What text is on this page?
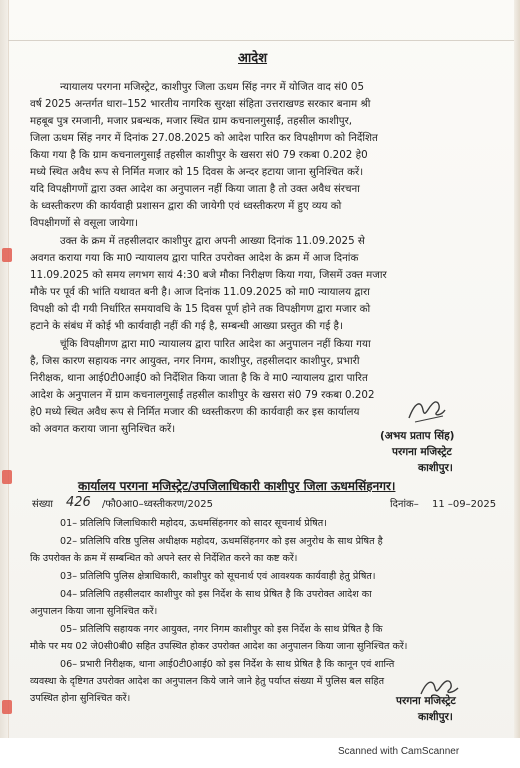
आदेश
न्यायालय परगना मजिस्ट्रेट, काशीपुर जिला ऊधम सिंह नगर में योजित वाद सं0 05
वर्ष 2025 अन्तर्गत धारा–152 भारतीय नागरिक सुरक्षा संहिता उत्तराखण्ड सरकार बनाम श्री
महबूब पुत्र रमजानी, मजार प्रबन्धक, मजार स्थित ग्राम कचनालगुसाईं, तहसील काशीपुर,
जिला ऊधम सिंह नगर में दिनांक 27.08.2025 को आदेश पारित कर विपक्षीगण को निर्देशित
किया गया है कि ग्राम कचनालगुसाईं तहसील काशीपुर के खसरा सं0 79 रकबा 0.202 हे0
मध्ये स्थित अवैध रूप से निर्मित मजार को 15 दिवस के अन्दर हटाया जाना सुनिश्चित करें।
यदि विपक्षीगणों द्वारा उक्त आदेश का अनुपालन नहीं किया जाता है तो उक्त अवैध संरचना
के ध्वस्तीकरण की कार्यवाही प्रशासन द्वारा की जायेगी एवं ध्वस्तीकरण में हुए व्यय को
विपक्षीगणों से वसूला जायेगा।
उक्त के क्रम में तहसीलदार काशीपुर द्वारा अपनी आख्या दिनांक 11.09.2025 से
अवगत कराया गया कि मा0 न्यायालय द्वारा पारित उपरोक्त आदेश के क्रम में आज दिनांक
11.09.2025 को समय लगभग सायं 4:30 बजे मौका निरीक्षण किया गया, जिसमें उक्त मजार
मौके पर पूर्व की भांति यथावत बनी है। आज दिनांक 11.09.2025 को मा0 न्यायालय द्वारा
विपक्षी को दी गयी निर्धारित समयावधि के 15 दिवस पूर्ण होने तक विपक्षीगण द्वारा मजार को
हटाने के संबंध में कोई भी कार्यवाही नहीं की गई है, सम्बन्धी आख्या प्रस्तुत की गई है।
चूंकि विपक्षीगण द्वारा मा0 न्यायालय द्वारा पारित आदेश का अनुपालन नहीं किया गया
है, जिस कारण सहायक नगर आयुक्त, नगर निगम, काशीपुर, तहसीलदार काशीपुर, प्रभारी
निरीक्षक, थाना आई0टी0आई0 को निर्देशित किया जाता है कि वे मा0 न्यायालय द्वारा पारित
आदेश के अनुपालन में ग्राम कचनालगुसाईं तहसील काशीपुर के खसरा सं0 79 रकबा 0.202
हे0 मध्ये स्थित अवैध रूप से निर्मित मजार की ध्वस्तीकरण की कार्यवाही कर इस कार्यालय
को अवगत कराया जाना सुनिश्चित करें।
(अभय प्रताप सिंह)
परगना मजिस्ट्रेट
काशीपुर।
कार्यालय परगना मजिस्ट्रेट/उपजिलाधिकारी काशीपुर जिला ऊधमसिंहनगर।
संख्या 426 /फौ0आ0–ध्वस्तीकरण/2025	दिनांक– 11 –09–2025
01– प्रतिलिपि जिलाधिकारी महोदय, ऊधमसिंहनगर को सादर सूचनार्थ प्रेषित।
02– प्रतिलिपि वरिष्ठ पुलिस अधीक्षक महोदय, ऊधमसिंहनगर को इस अनुरोध के साथ प्रेषित है
कि उपरोक्त के क्रम में सम्बन्धित को अपने स्तर से निर्देशित करने का कष्ट करें।
03– प्रतिलिपि पुलिस क्षेत्राधिकारी, काशीपुर को सूचनार्थ एवं आवश्यक कार्यवाही हेतु प्रेषित।
04– प्रतिलिपि तहसीलदार काशीपुर को इस निर्देश के साथ प्रेषित है कि उपरोक्त आदेश का
अनुपालन किया जाना सुनिश्चित करें।
05– प्रतिलिपि सहायक नगर आयुक्त, नगर निगम काशीपुर को इस निर्देश के साथ प्रेषित है कि
मौके पर मय 02 जे0सी0बी0 सहित उपस्थित होकर उपरोक्त आदेश का अनुपालन किया जाना सुनिश्चित करें।
06– प्रभारी निरीक्षक, थाना आई0टी0आई0 को इस निर्देश के साथ प्रेषित है कि कानून एवं शान्ति
व्यवस्था के दृष्टिगत उपरोक्त आदेश का अनुपालन किये जाने जाने हेतु पर्याप्त संख्या में पुलिस बल सहित
उपस्थित होना सुनिश्चित करें।	परगना मजिस्ट्रेट
काशीपुर।
Scanned with CamScanner
